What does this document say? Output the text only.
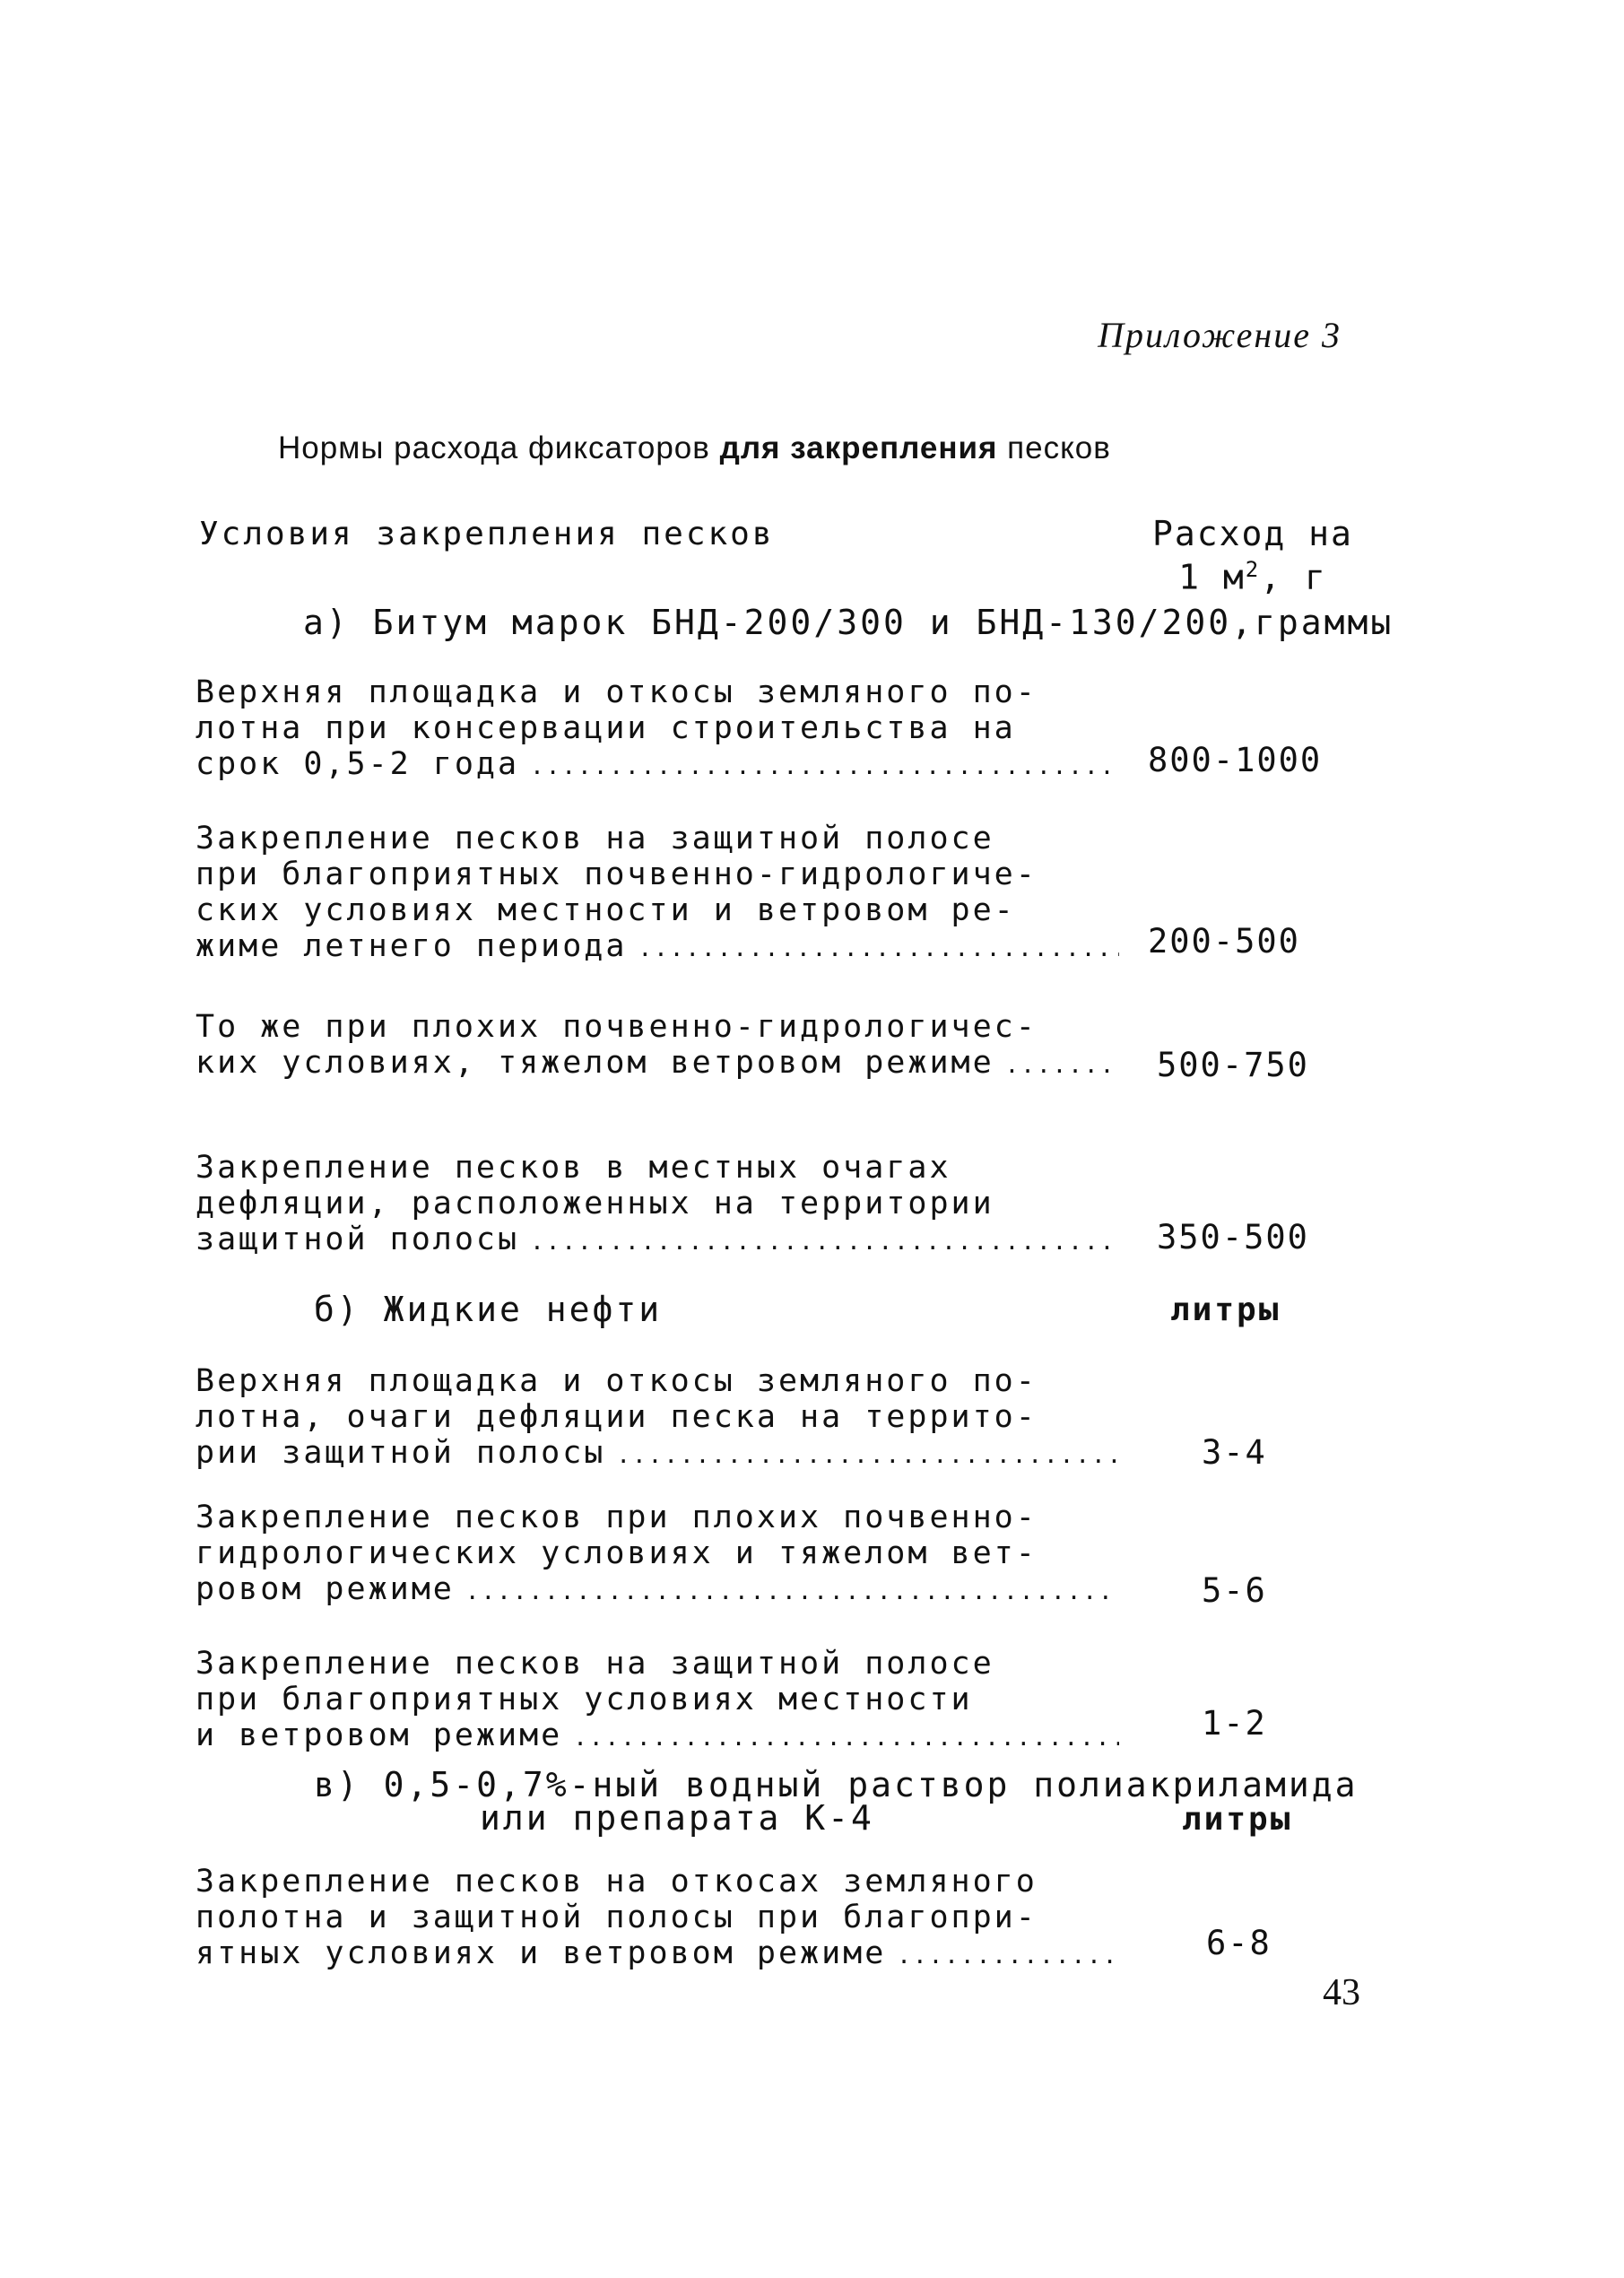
Приложение 3
Нормы расхода фиксаторов для закрепления песков
Условия закрепления песков	Расход на
1 $м^2$, г
а) Битум марок БНД-200/300 и БНД-130/200,граммы
Верхняя площадка и откосы земляного по-
лотна при консервации строительства на
срок 0,5-2 года .....	800-1000
Закрепление песков на защитной полосе
при благоприятных почвенно-гидрологиче-
ских условиях местности и ветровом ре-
жиме летнего периода .....	200-500
То же при плохих почвенно-гидрологичес-
ких условиях, тяжелом ветровом режиме .....	500-750
Закрепление песков в местных очагах
дефляции, расположенных на территории
защитной полосы .....	350-500
б) Жидкие нефти	литры
Верхняя площадка и откосы земляного по-
лотна, очаги дефляции песка на террито-
рии защитной полосы .....	3-4
Закрепление песков при плохих почвенно-
гидрологических условиях и тяжелом вет-
ровом режиме .....	5-6
Закрепление песков на защитной полосе
при благоприятных условиях местности
и ветровом режиме .....	1-2
в) 0,5-0,7%-ный водный раствор полиакриламида
или препарата К-4	литры
Закрепление песков на откосах земляного
полотна и защитной полосы при благопри-
ятных условиях и ветровом режиме .....	6-8
43
